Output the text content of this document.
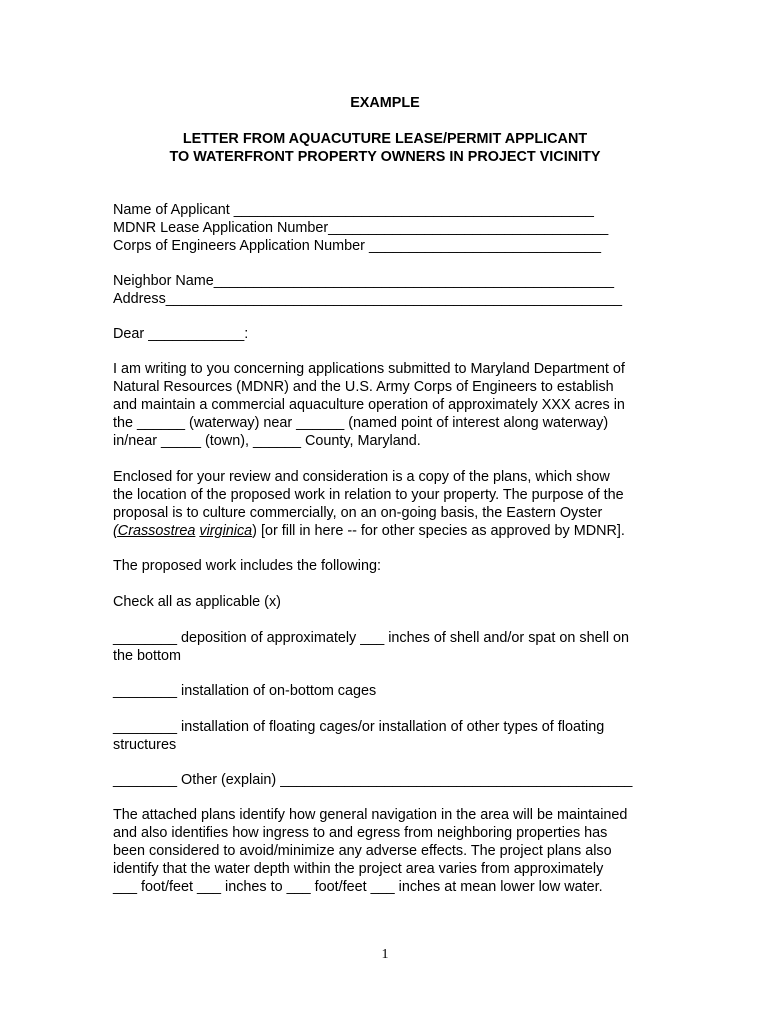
EXAMPLE
LETTER FROM AQUACUTURE LEASE/PERMIT APPLICANT
TO WATERFRONT PROPERTY OWNERS IN PROJECT VICINITY
Name of Applicant _____________________________________________
MDNR Lease Application Number___________________________________
Corps of Engineers Application Number _____________________________
Neighbor Name__________________________________________________
Address_________________________________________________________
Dear ____________:
I am writing to you concerning applications submitted to Maryland Department of
Natural Resources (MDNR) and the U.S. Army Corps of Engineers to establish
and maintain a commercial aquaculture operation of approximately XXX acres in
the ______ (waterway) near ______ (named point of interest along waterway)
in/near _____ (town), ______ County, Maryland.
Enclosed for your review and consideration is a copy of the plans, which show
the location of the proposed work in relation to your property. The purpose of the
proposal is to culture commercially, on an on-going basis, the Eastern Oyster
(Crassostrea virginica) [or fill in here -- for other species as approved by MDNR].
The proposed work includes the following:
Check all as applicable (x)
________ deposition of approximately ___ inches of shell and/or spat on shell on
the bottom
________ installation of on-bottom cages
________ installation of floating cages/or installation of other types of floating
structures
________ Other (explain) ____________________________________________
The attached plans identify how general navigation in the area will be maintained
and also identifies how ingress to and egress from neighboring properties has
been considered to avoid/minimize any adverse effects. The project plans also
identify that the water depth within the project area varies from approximately
___ foot/feet ___ inches to ___ foot/feet ___ inches at mean lower low water.
1
